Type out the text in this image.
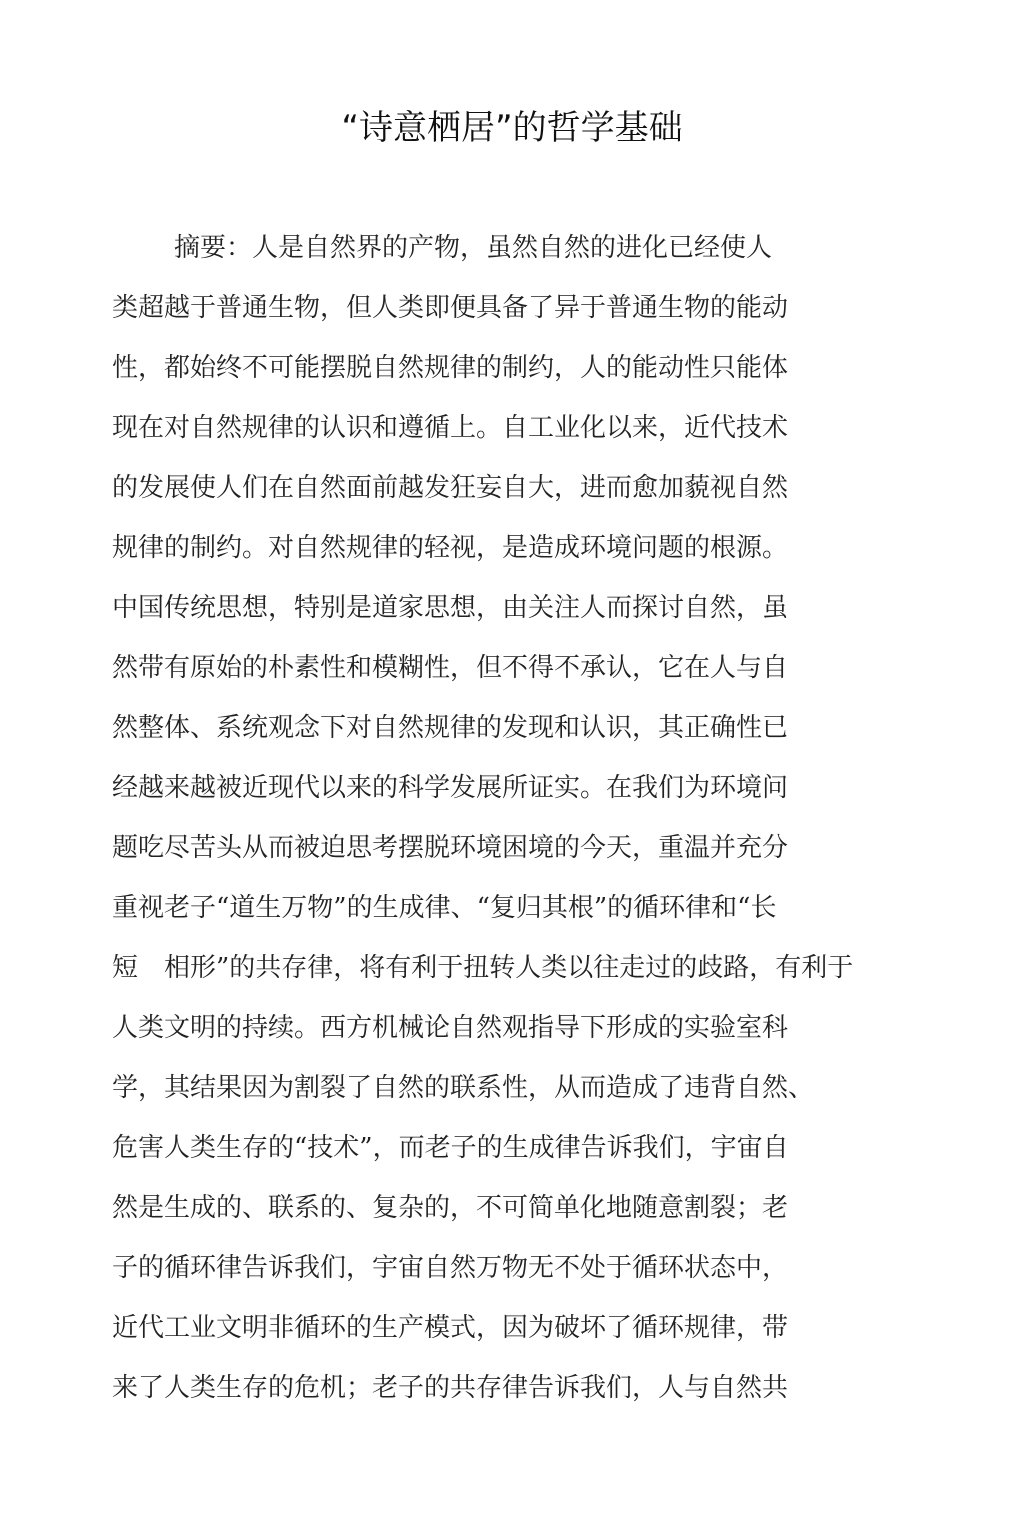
“诗意栖居”的哲学基础
摘要：人是自然界的产物，虽然自然的进化已经使人
类超越于普通生物，但人类即便具备了异于普通生物的能动
性，都始终不可能摆脱自然规律的制约，人的能动性只能体
现在对自然规律的认识和遵循上。自工业化以来，近代技术
的发展使人们在自然面前越发狂妄自大，进而愈加藐视自然
规律的制约。对自然规律的轻视，是造成环境问题的根源。
中国传统思想，特别是道家思想，由关注人而探讨自然，虽
然带有原始的朴素性和模糊性，但不得不承认，它在人与自
然整体、系统观念下对自然规律的发现和认识，其正确性已
经越来越被近现代以来的科学发展所证实。在我们为环境问
题吃尽苦头从而被迫思考摆脱环境困境的今天，重温并充分
重视老子“道生万物”的生成律、“复归其根”的循环律和“长
短　相形”的共存律，将有利于扭转人类以往走过的歧路，有利于
人类文明的持续。西方机械论自然观指导下形成的实验室科
学，其结果因为割裂了自然的联系性，从而造成了违背自然、
危害人类生存的“技术”，而老子的生成律告诉我们，宇宙自
然是生成的、联系的、复杂的，不可简单化地随意割裂；老
子的循环律告诉我们，宇宙自然万物无不处于循环状态中，
近代工业文明非循环的生产模式，因为破坏了循环规律，带
来了人类生存的危机；老子的共存律告诉我们，人与自然共
